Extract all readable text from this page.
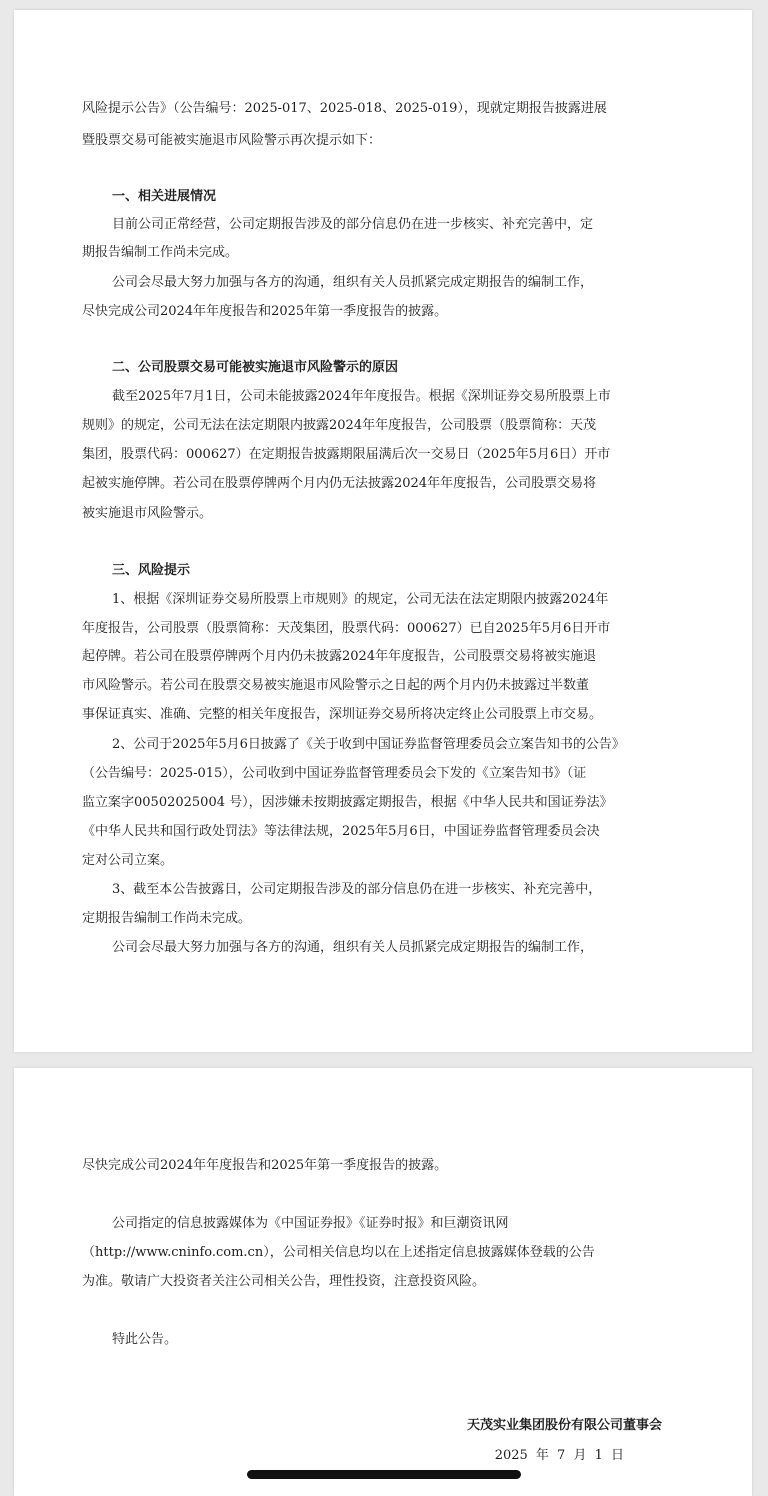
风险提示公告》（公告编号：2025-017、2025-018、2025-019），现就定期报告披露进展
暨股票交易可能被实施退市风险警示再次提示如下：
一、相关进展情况
目前公司正常经营，公司定期报告涉及的部分信息仍在进一步核实、补充完善中，定
期报告编制工作尚未完成。
公司会尽最大努力加强与各方的沟通，组织有关人员抓紧完成定期报告的编制工作，
尽快完成公司2024年年度报告和2025年第一季度报告的披露。
二、公司股票交易可能被实施退市风险警示的原因
截至2025年7月1日，公司未能披露2024年年度报告。根据《深圳证券交易所股票上市
规则》的规定，公司无法在法定期限内披露2024年年度报告，公司股票（股票简称：天茂
集团，股票代码：000627）在定期报告披露期限届满后次一交易日（2025年5月6日）开市
起被实施停牌。若公司在股票停牌两个月内仍无法披露2024年年度报告，公司股票交易将
被实施退市风险警示。
三、风险提示
1、根据《深圳证券交易所股票上市规则》的规定，公司无法在法定期限内披露2024年
年度报告，公司股票（股票简称：天茂集团，股票代码：000627）已自2025年5月6日开市
起停牌。若公司在股票停牌两个月内仍未披露2024年年度报告，公司股票交易将被实施退
市风险警示。若公司在股票交易被实施退市风险警示之日起的两个月内仍未披露过半数董
事保证真实、准确、完整的相关年度报告，深圳证券交易所将决定终止公司股票上市交易。
2、公司于2025年5月6日披露了《关于收到中国证券监督管理委员会立案告知书的公告》
（公告编号：2025-015），公司收到中国证券监督管理委员会下发的《立案告知书》（证
监立案字00502025004 号），因涉嫌未按期披露定期报告，根据《中华人民共和国证券法》
《中华人民共和国行政处罚法》等法律法规，2025年5月6日，中国证券监督管理委员会决
定对公司立案。
3、截至本公告披露日，公司定期报告涉及的部分信息仍在进一步核实、补充完善中，
定期报告编制工作尚未完成。
公司会尽最大努力加强与各方的沟通，组织有关人员抓紧完成定期报告的编制工作，
尽快完成公司2024年年度报告和2025年第一季度报告的披露。
公司指定的信息披露媒体为《中国证券报》《证券时报》和巨潮资讯网
（http://www.cninfo.com.cn），公司相关信息均以在上述指定信息披露媒体登载的公告
为准。敬请广大投资者关注公司相关公告，理性投资，注意投资风险。
特此公告。
天茂实业集团股份有限公司董事会
2025 年 7 月 1 日
